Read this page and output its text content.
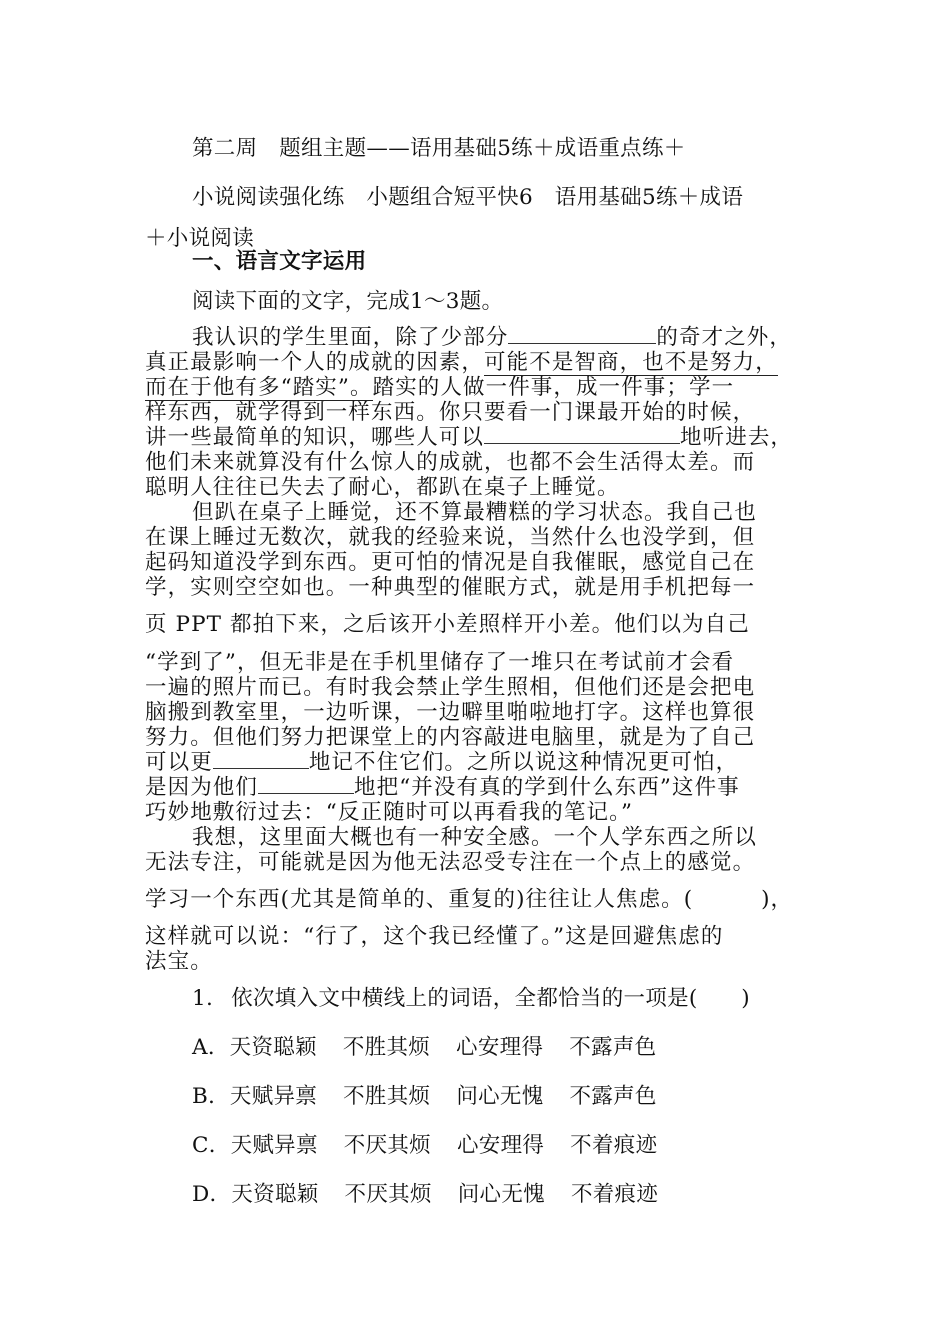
第二周　题组主题——语用基础5练＋成语重点练＋
小说阅读强化练　小题组合短平快6　语用基础5练＋成语
＋小说阅读
一、语言文字运用
阅读下面的文字，完成1～3题。
我认识的学生里面，除了少部分	的奇才之外，
真正最影响一个人的成就的因素，可能不是智商，也不是努力，
而在于他有多“踏实”。踏实的人做一件事，成一件事；学一
样东西，就学得到一样东西。你只要看一门课最开始的时候，
讲一些最简单的知识，哪些人可以	地听进去，
他们未来就算没有什么惊人的成就，也都不会生活得太差。而
聪明人往往已失去了耐心，都趴在桌子上睡觉。
但趴在桌子上睡觉，还不算最糟糕的学习状态。我自己也
在课上睡过无数次，就我的经验来说，当然什么也没学到，但
起码知道没学到东西。更可怕的情况是自我催眠，感觉自己在
学，实则空空如也。一种典型的催眠方式，就是用手机把每一
页 PPT 都拍下来，之后该开小差照样开小差。他们以为自己
“学到了”，但无非是在手机里储存了一堆只在考试前才会看
一遍的照片而已。有时我会禁止学生照相，但他们还是会把电
脑搬到教室里，一边听课，一边噼里啪啦地打字。这样也算很
努力。但他们努力把课堂上的内容敲进电脑里，就是为了自己
可以更	地记不住它们。之所以说这种情况更可怕，
是因为他们	地把“并没有真的学到什么东西”这件事
巧妙地敷衍过去：“反正随时可以再看我的笔记。”
我想，这里面大概也有一种安全感。一个人学东西之所以
无法专注，可能就是因为他无法忍受专注在一个点上的感觉。
学习一个东西(尤其是简单的、重复的)往往让人焦虑。(　　　)，
这样就可以说：“行了，这个我已经懂了。”这是回避焦虑的
法宝。
1. 依次填入文中横线上的词语，全都恰当的一项是(　　)
A．天资聪颖 不胜其烦 心安理得 不露声色
B．天赋异禀 不胜其烦 问心无愧 不露声色
C．天赋异禀 不厌其烦 心安理得 不着痕迹
D．天资聪颖 不厌其烦 问心无愧 不着痕迹
